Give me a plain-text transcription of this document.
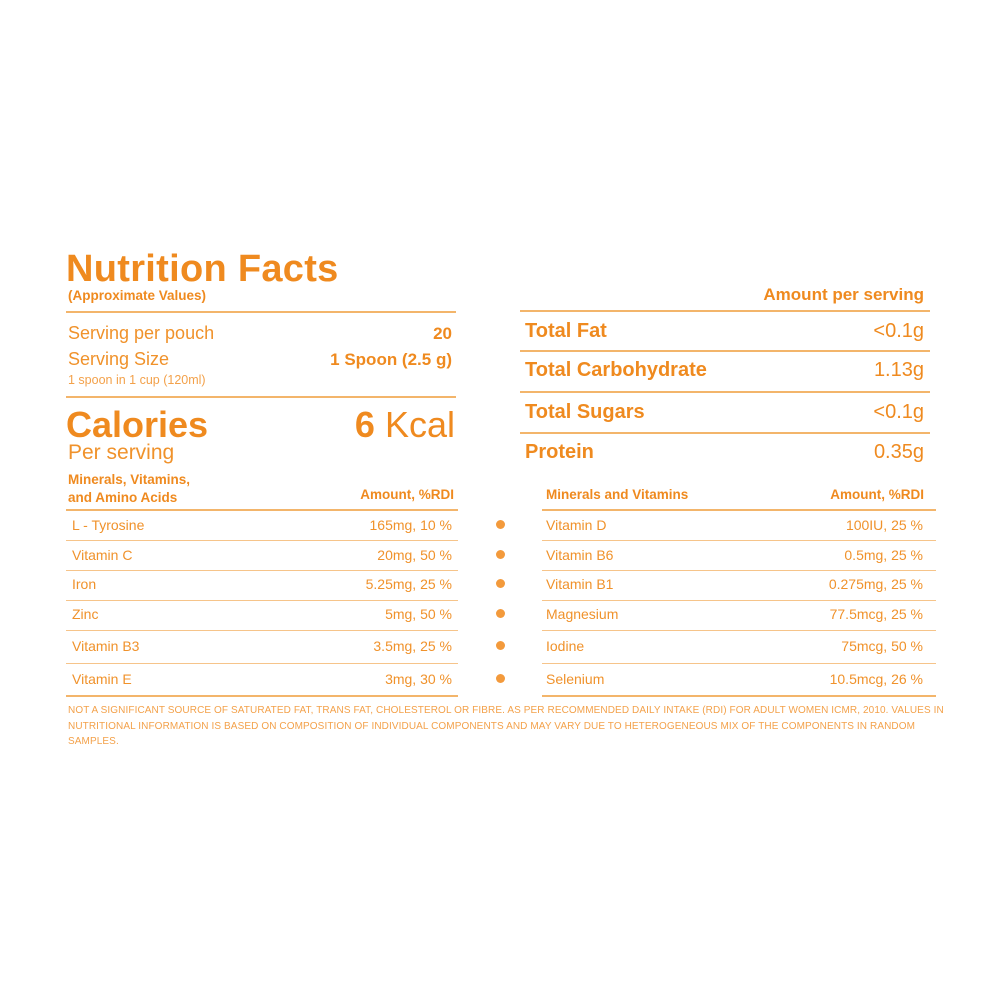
Nutrition Facts
(Approximate Values)	Amount per serving
Serving per pouch	20
Serving Size	1 Spoon (2.5 g)
1 spoon in 1 cup (120ml)
Calories	6 Kcal
Per serving
Total Fat	<0.1g
Total Carbohydrate	1.13g
Total Sugars	<0.1g
Protein	0.35g
Minerals, Vitamins,
and Amino Acids	Amount, %RDI	Minerals and Vitamins	Amount, %RDI
L - Tyrosine	165mg, 10 %
Vitamin C	20mg, 50 %
Iron	5.25mg, 25 %
Zinc	5mg, 50 %
Vitamin B3	3.5mg, 25 %
Vitamin E	3mg, 30 %
Vitamin D	100IU, 25 %
Vitamin B6	0.5mg, 25 %
Vitamin B1	0.275mg, 25 %
Magnesium	77.5mcg, 25 %
Iodine	75mcg, 50 %
Selenium	10.5mcg, 26 %
NOT A SIGNIFICANT SOURCE OF SATURATED FAT, TRANS FAT, CHOLESTEROL OR FIBRE. AS PER RECOMMENDED DAILY INTAKE (RDI) FOR ADULT WOMEN ICMR, 2010. VALUES IN NUTRITIONAL INFORMATION IS BASED ON COMPOSITION OF INDIVIDUAL COMPONENTS AND MAY VARY DUE TO HETEROGENEOUS MIX OF THE COMPONENTS IN RANDOM SAMPLES.
